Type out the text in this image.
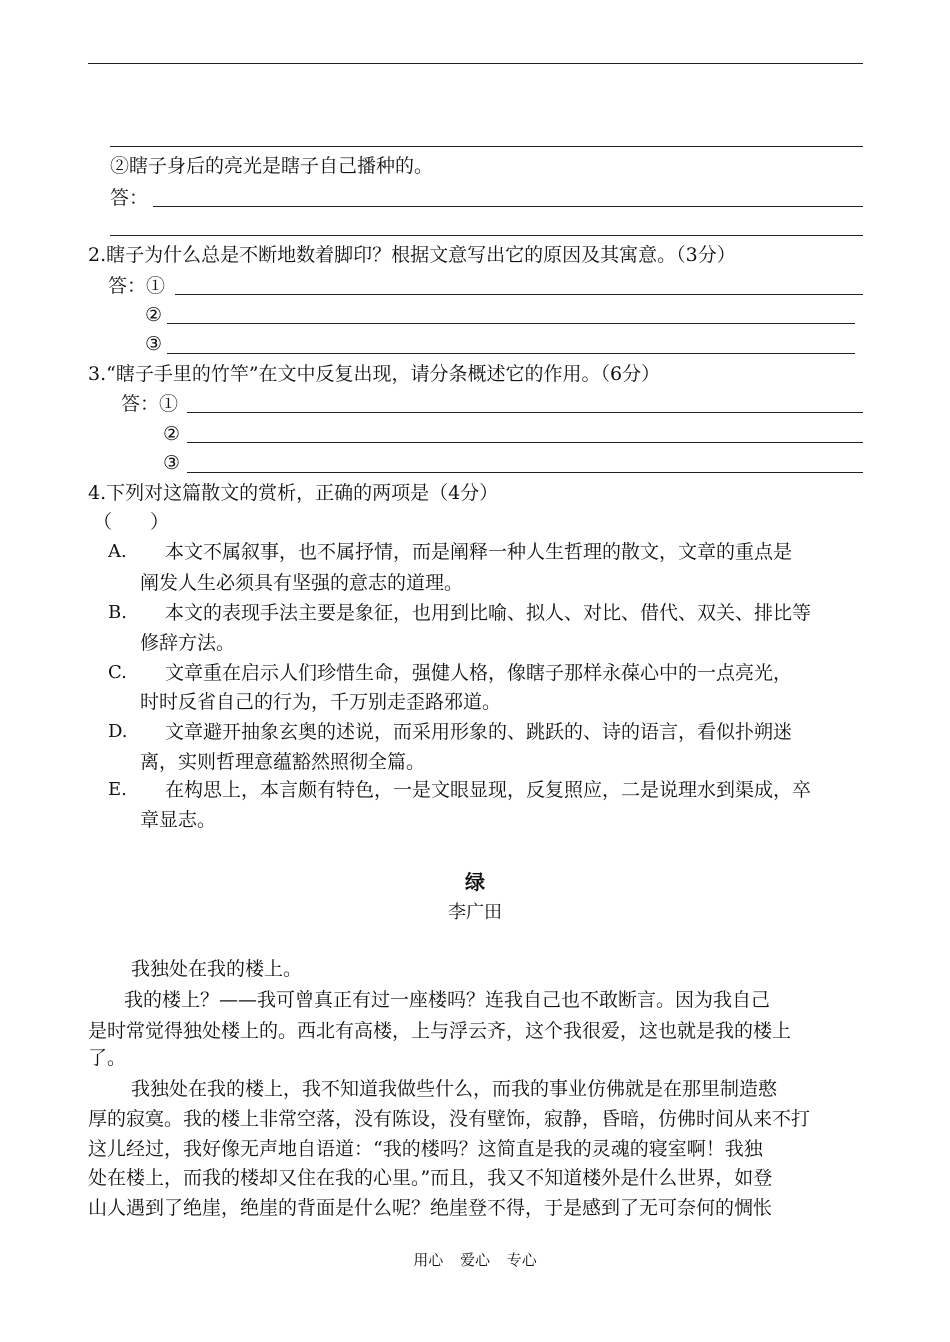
②瞎子身后的亮光是瞎子自己播种的。
答：
2.瞎子为什么总是不断地数着脚印？根据文意写出它的原因及其寓意。（3分）
答：①
②
③
3.“瞎子手里的竹竿”在文中反复出现，请分条概述它的作用。（6分）
答：①
②
③
4.下列对这篇散文的赏析，正确的两项是（4分）
（　　）
A. 本文不属叙事，也不属抒情，而是阐释一种人生哲理的散文，文章的重点是
阐发人生必须具有坚强的意志的道理。
B. 本文的表现手法主要是象征，也用到比喻、拟人、对比、借代、双关、排比等
修辞方法。
C. 文章重在启示人们珍惜生命，强健人格，像瞎子那样永葆心中的一点亮光，
时时反省自己的行为，千万别走歪路邪道。
D. 文章避开抽象玄奥的述说，而采用形象的、跳跃的、诗的语言，看似扑朔迷
离，实则哲理意蕴豁然照彻全篇。
E. 在构思上，本言颇有特色，一是文眼显现，反复照应，二是说理水到渠成，卒
章显志。
绿
李广田
我独处在我的楼上。
我的楼上？——我可曾真正有过一座楼吗？连我自己也不敢断言。因为我自己
是时常觉得独处楼上的。西北有高楼，上与浮云齐，这个我很爱，这也就是我的楼上
了。
我独处在我的楼上，我不知道我做些什么，而我的事业仿佛就是在那里制造憨
厚的寂寞。我的楼上非常空落，没有陈设，没有壁饰，寂静，昏暗，仿佛时间从来不打
这儿经过，我好像无声地自语道：“我的楼吗？这简直是我的灵魂的寝室啊！我独
处在楼上，而我的楼却又住在我的心里。”而且，我又不知道楼外是什么世界，如登
山人遇到了绝崖，绝崖的背面是什么呢？绝崖登不得，于是感到了无可奈何的惆怅
用心 爱心 专心
